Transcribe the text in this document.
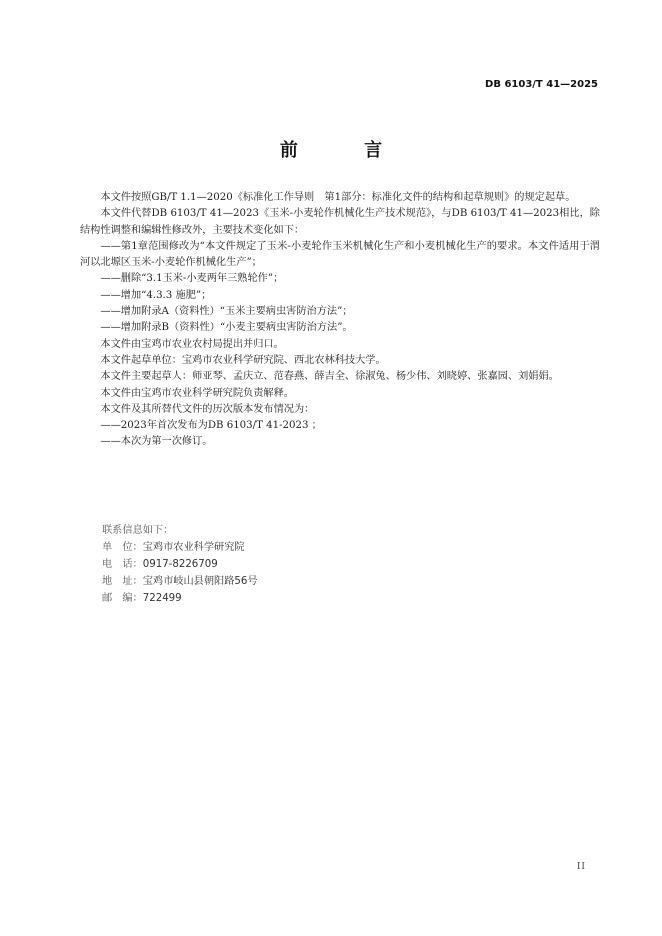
DB 6103/T 41—2025
前 言

本文件按照GB/T 1.1—2020《标准化工作导则　第1部分：标准化文件的结构和起草规则》的规定起草。

本文件代替DB 6103/T 41—2023《玉米-小麦轮作机械化生产技术规范》，与DB 6103/T 41—2023相比，除结构性调整和编辑性修改外，主要技术变化如下：

——第1章范围修改为“本文件规定了玉米-小麦轮作玉米机械化生产和小麦机械化生产的要求。本文件适用于渭河以北塬区玉米-小麦轮作机械化生产”；

——删除“3.1玉米-小麦两年三熟轮作”；

——增加“4.3.3 施肥”；

——增加附录A（资料性）“玉米主要病虫害防治方法”；

——增加附录B（资料性）“小麦主要病虫害防治方法”。

本文件由宝鸡市农业农村局提出并归口。

本文件起草单位：宝鸡市农业科学研究院、西北农林科技大学。

本文件主要起草人：师亚琴、孟庆立、范春燕、薛吉全、徐淑兔、杨少伟、刘晓婷、张嘉园、刘娟娟。

本文件由宝鸡市农业科学研究院负责解释。

本文件及其所替代文件的历次版本发布情况为：

——2023年首次发布为DB 6103/T 41-2023 ；

——本次为第一次修订。

联系信息如下：
单　位：宝鸡市农业科学研究院
电　话：0917-8226709
地　址：宝鸡市岐山县朝阳路56号
邮　编：722499
II
